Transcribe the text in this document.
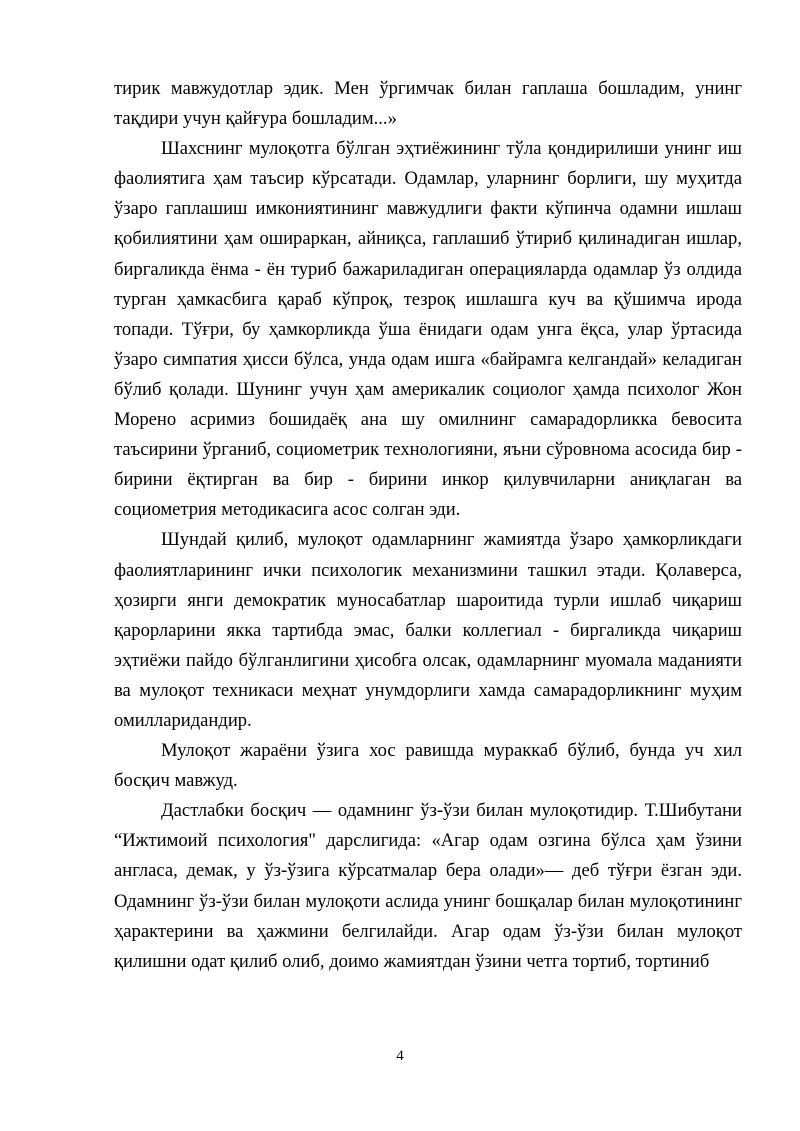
тирик мавжудотлар эдик. Мен ўргимчак билан гаплаша бошладим, унинг тақдири учун қайғура бошладим...»

Шахснинг мулоқотга бўлган эҳтиёжининг тўла қондирилиши унинг иш фаолиятига ҳам таъсир кўрсатади. Одамлар, уларнинг борлиги, шу муҳитда ўзаро гаплашиш имкониятининг мавжудлиги факти кўпинча одамни ишлаш қобилиятини ҳам ошираркан, айниқса, гаплашиб ўтириб қилинадиган ишлар, биргаликда ёнма - ён туриб бажариладиган операцияларда одамлар ўз олдида турган ҳамкасбига қараб кўпроқ, тезроқ ишлашга куч ва қўшимча ирода топади. Тўғри, бу ҳамкорликда ўша ёнидаги одам унга ёқса, улар ўртасида ўзаро симпатия ҳисси бўлса, унда одам ишга «байрамга келгандай» келадиган бўлиб қолади. Шунинг учун ҳам америкалик социолог ҳамда психолог Жон Морено асримиз бошидаёқ ана шу омилнинг самарадорликка бевосита таъсирини ўрганиб, социометрик технологияни, яъни сўровнома асосида бир - бирини ёқтирган ва бир - бирини инкор қилувчиларни аниқлаган ва социометрия методикасига асос солган эди.

Шундай қилиб, мулоқот одамларнинг жамиятда ўзаро ҳамкорликдаги фаолиятларининг ички психологик механизмини ташкил этади. Қолаверса, ҳозирги янги демократик муносабатлар шароитида турли ишлаб чиқариш қарорларини якка тартибда эмас, балки коллегиал - биргаликда чиқариш эҳтиёжи пайдо бўлганлигини ҳисобга олсак, одамларнинг муомала маданияти ва мулоқот техникаси меҳнат унумдорлиги хамда самарадорликнинг муҳим омилларидандир.

Мулоқот жараёни ўзига хос равишда мураккаб бўлиб, бунда уч хил босқич мавжуд.

Дастлабки босқич — одамнинг ўз-ўзи билан мулоқотидир. Т.Шибутани “Ижтимоий психология" дарслигида: «Агар одам озгина бўлса ҳам ўзини англаса, демак, у ўз-ўзига кўрсатмалар бера олади»— деб тўғри ёзган эди. Одамнинг ўз-ўзи билан мулоқоти аслида унинг бошқалар билан мулоқотининг ҳарактерини ва ҳажмини белгилайди. Агар одам ўз-ўзи билан мулоқот қилишни одат қилиб олиб, доимо жамиятдан ўзини четга тортиб, тортиниб

4
